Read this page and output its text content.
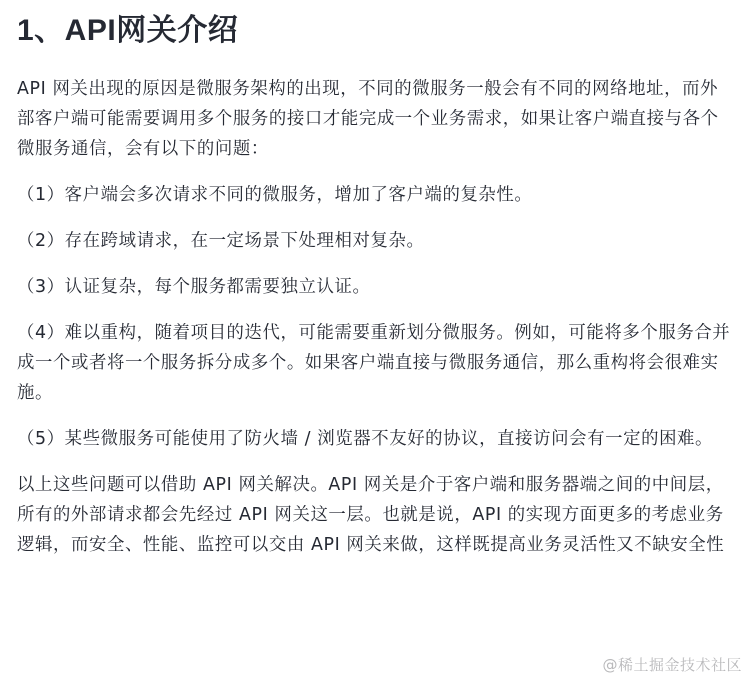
1、API网关介绍

API 网关出现的原因是微服务架构的出现，不同的微服务一般会有不同的网络地址，而外部客户端可能需要调用多个服务的接口才能完成一个业务需求，如果让客户端直接与各个微服务通信，会有以下的问题：

（1）客户端会多次请求不同的微服务，增加了客户端的复杂性。

（2）存在跨域请求，在一定场景下处理相对复杂。

（3）认证复杂，每个服务都需要独立认证。

（4）难以重构，随着项目的迭代，可能需要重新划分微服务。例如，可能将多个服务合并成一个或者将一个服务拆分成多个。如果客户端直接与微服务通信，那么重构将会很难实施。

（5）某些微服务可能使用了防火墙 / 浏览器不友好的协议，直接访问会有一定的困难。

以上这些问题可以借助 API 网关解决。API 网关是介于客户端和服务器端之间的中间层，所有的外部请求都会先经过 API 网关这一层。也就是说，API 的实现方面更多的考虑业务逻辑，而安全、性能、监控可以交由 API 网关来做，这样既提高业务灵活性又不缺安全性

@稀土掘金技术社区
